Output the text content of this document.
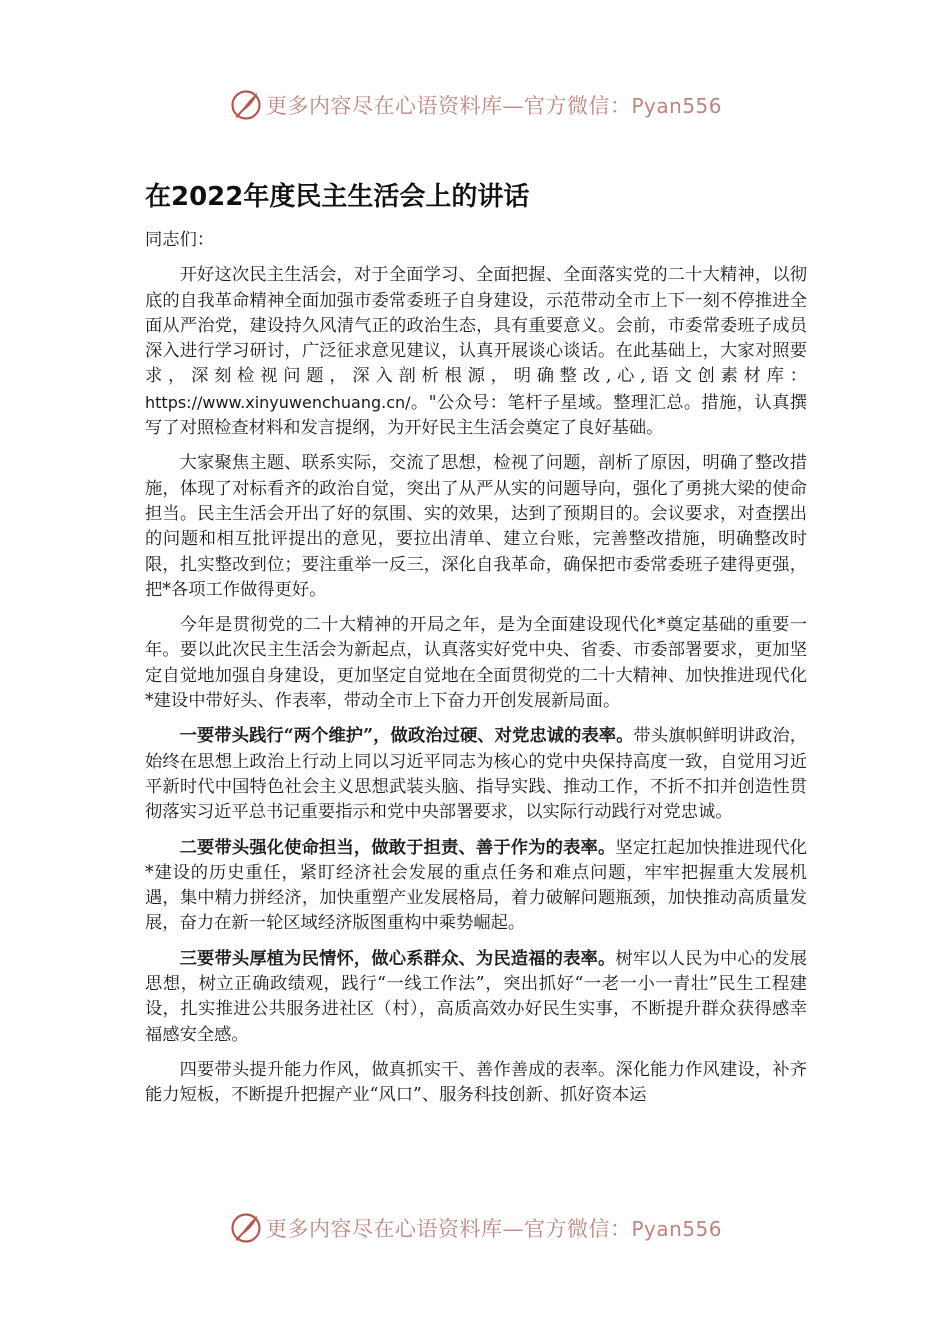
更多内容尽在心语资料库—官方微信：Pyan556
在2022年度民主生活会上的讲话

同志们：

开好这次民主生活会，对于全面学习、全面把握、全面落实党的二十大精神，以彻底的自我革命精神全面加强市委常委班子自身建设，示范带动全市上下一刻不停推进全面从严治党，建设持久风清气正的政治生态，具有重要意义。会前，市委常委班子成员深入进行学习研讨，广泛征求意见建议，认真开展谈心谈话。在此基础上，大家对照要求，深刻检视问题，深入剖析根源，明确整改,心,语文创素材库：https://www.xinyuwenchuang.cn/。"公众号：笔杆子星域。整理汇总。措施，认真撰写了对照检查材料和发言提纲，为开好民主生活会奠定了良好基础。

大家聚焦主题、联系实际，交流了思想，检视了问题，剖析了原因，明确了整改措施，体现了对标看齐的政治自觉，突出了从严从实的问题导向，强化了勇挑大梁的使命担当。民主生活会开出了好的氛围、实的效果，达到了预期目的。会议要求，对查摆出的问题和相互批评提出的意见，要拉出清单、建立台账，完善整改措施，明确整改时限，扎实整改到位；要注重举一反三，深化自我革命，确保把市委常委班子建得更强，把*各项工作做得更好。

今年是贯彻党的二十大精神的开局之年，是为全面建设现代化*奠定基础的重要一年。要以此次民主生活会为新起点，认真落实好党中央、省委、市委部署要求，更加坚定自觉地加强自身建设，更加坚定自觉地在全面贯彻党的二十大精神、加快推进现代化*建设中带好头、作表率，带动全市上下奋力开创发展新局面。

一要带头践行“两个维护”，做政治过硬、对党忠诚的表率。带头旗帜鲜明讲政治，始终在思想上政治上行动上同以习近平同志为核心的党中央保持高度一致，自觉用习近平新时代中国特色社会主义思想武装头脑、指导实践、推动工作，不折不扣并创造性贯彻落实习近平总书记重要指示和党中央部署要求，以实际行动践行对党忠诚。

二要带头强化使命担当，做敢于担责、善于作为的表率。坚定扛起加快推进现代化*建设的历史重任，紧盯经济社会发展的重点任务和难点问题，牢牢把握重大发展机遇，集中精力拼经济，加快重塑产业发展格局，着力破解问题瓶颈，加快推动高质量发展，奋力在新一轮区域经济版图重构中乘势崛起。

三要带头厚植为民情怀，做心系群众、为民造福的表率。树牢以人民为中心的发展思想，树立正确政绩观，践行“一线工作法”，突出抓好“一老一小一青壮”民生工程建设，扎实推进公共服务进社区（村），高质高效办好民生实事，不断提升群众获得感幸福感安全感。

四要带头提升能力作风，做真抓实干、善作善成的表率。深化能力作风建设，补齐能力短板，不断提升把握产业“风口”、服务科技创新、抓好资本运

更多内容尽在心语资料库—官方微信：Pyan556
